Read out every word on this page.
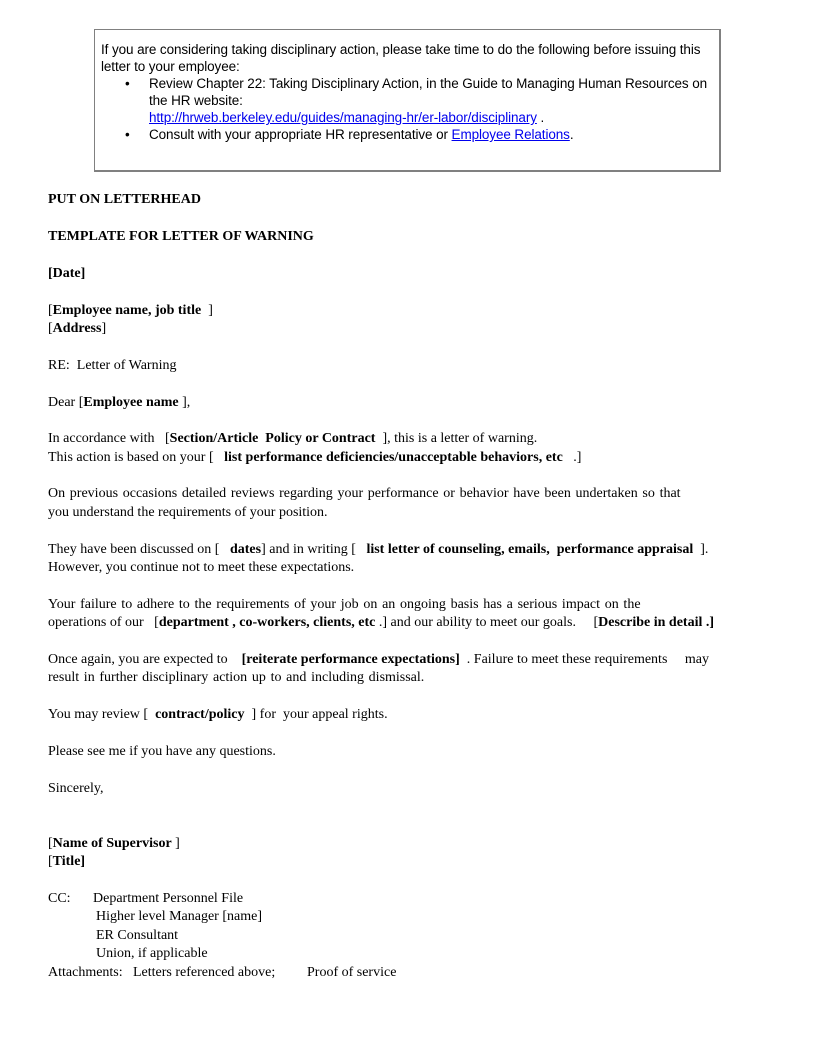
If you are considering taking disciplinary action, please take time to do the following before issuing this letter to your employee:
• Review Chapter 22: Taking Disciplinary Action, in the Guide to Managing Human Resources on the HR website:
http://hrweb.berkeley.edu/guides/managing-hr/er-labor/disciplinary .
• Consult with your appropriate HR representative or Employee Relations.
PUT ON LETTERHEAD
TEMPLATE FOR LETTER OF WARNING
[Date]
[Employee name, job title  ]
[Address]
RE:  Letter of Warning
Dear [Employee name ],
In accordance with   [Section/Article  Policy or Contract  ], this is a letter of warning.
This action is based on your [   list performance deficiencies/unacceptable behaviors, etc   .]
On previous occasions detailed reviews regarding your performance or behavior have been undertaken so that
you understand the requirements of your position.
They have been discussed on [   dates] and in writing [   list letter of counseling, emails,  performance appraisal  ].
However, you continue not to meet these expectations.
Your failure to adhere to the requirements of your job on an ongoing basis has a serious impact on the
operations of our   [department , co-workers, clients, etc .] and our ability to meet our goals.     [Describe in detail .]
Once again, you are expected to    [reiterate performance expectations]  . Failure to meet these requirements     may
result in further disciplinary action up to and including dismissal.
You may review [  contract/policy  ] for  your appeal rights.
Please see me if you have any questions.
Sincerely,
[Name of Supervisor ]
[Title]
CC: Department Personnel File
Higher level Manager [name]
ER Consultant
Union, if applicable
Attachments: Letters referenced above; Proof of service
